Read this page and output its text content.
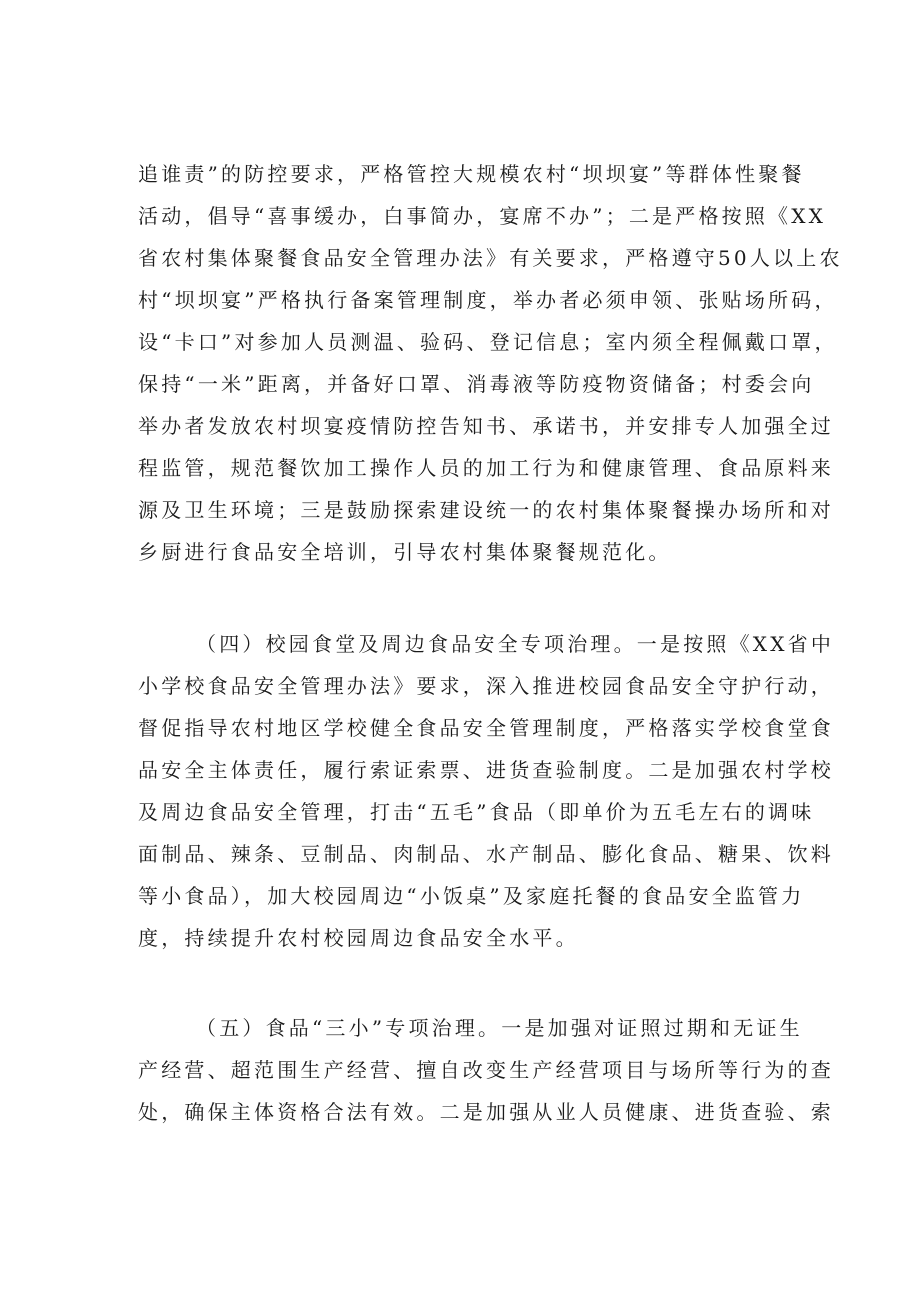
追谁责”的防控要求，严格管控大规模农村“坝坝宴”等群体性聚餐
活动，倡导“喜事缓办，白事简办，宴席不办”；二是严格按照《XX
省农村集体聚餐食品安全管理办法》有关要求，严格遵守50人以上农
村“坝坝宴”严格执行备案管理制度，举办者必须申领、张贴场所码，
设“卡口”对参加人员测温、验码、登记信息；室内须全程佩戴口罩，
保持“一米”距离，并备好口罩、消毒液等防疫物资储备；村委会向
举办者发放农村坝宴疫情防控告知书、承诺书，并安排专人加强全过
程监管，规范餐饮加工操作人员的加工行为和健康管理、食品原料来
源及卫生环境；三是鼓励探索建设统一的农村集体聚餐操办场所和对
乡厨进行食品安全培训，引导农村集体聚餐规范化。

（四）校园食堂及周边食品安全专项治理。一是按照《XX省中
小学校食品安全管理办法》要求，深入推进校园食品安全守护行动，
督促指导农村地区学校健全食品安全管理制度，严格落实学校食堂食
品安全主体责任，履行索证索票、进货查验制度。二是加强农村学校
及周边食品安全管理，打击“五毛”食品（即单价为五毛左右的调味
面制品、辣条、豆制品、肉制品、水产制品、膨化食品、糖果、饮料
等小食品），加大校园周边“小饭桌”及家庭托餐的食品安全监管力
度，持续提升农村校园周边食品安全水平。

（五）食品“三小”专项治理。一是加强对证照过期和无证生
产经营、超范围生产经营、擅自改变生产经营项目与场所等行为的查
处，确保主体资格合法有效。二是加强从业人员健康、进货查验、索
